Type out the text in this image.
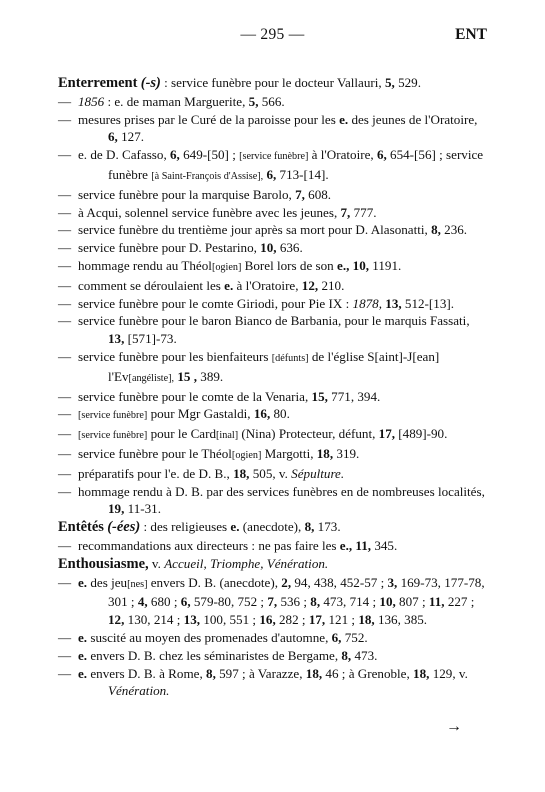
— 295 —	ENT
Enterrement (-s) : service funèbre pour le docteur Vallauri, 5, 529.
— 1856 : e. de maman Marguerite, 5, 566.
— mesures prises par le Curé de la paroisse pour les e. des jeunes de l'Oratoire, 6, 127.
— e. de D. Cafasso, 6, 649-[50] ; [service funèbre] à l'Oratoire, 6, 654-[56] ; service funèbre [à Saint-François d'Assise], 6, 713-[14].
— service funèbre pour la marquise Barolo, 7, 608.
— à Acqui, solennel service funèbre avec les jeunes, 7, 777.
— service funèbre du trentième jour après sa mort pour D. Alasonatti, 8, 236.
— service funèbre pour D. Pestarino, 10, 636.
— hommage rendu au Théol[ogien] Borel lors de son e., 10, 1191.
— comment se déroulaient les e. à l'Oratoire, 12, 210.
— service funèbre pour le comte Giriodi, pour Pie IX : 1878, 13, 512-[13].
— service funèbre pour le baron Bianco de Barbania, pour le marquis Fassati, 13, [571]-73.
— service funèbre pour les bienfaiteurs [défunts] de l'église S[aint]-J[ean] l'Ev[angéliste], 15 , 389.
— service funèbre pour le comte de la Venaria, 15, 771, 394.
— [service funèbre] pour Mgr Gastaldi, 16, 80.
— [service funèbre] pour le Card[inal] (Nina) Protecteur, défunt, 17, [489]-90.
— service funèbre pour le Théol[ogien] Margotti, 18, 319.
— préparatifs pour l'e. de D. B., 18, 505, v. Sépulture.
— hommage rendu à D. B. par des services funèbres en de nombreuses localités, 19, 11-31.
Entêtés (-ées) : des religieuses e. (anecdote), 8, 173.
— recommandations aux directeurs : ne pas faire les e., 11, 345.
Enthousiasme, v. Accueil, Triomphe, Vénération.
— e. des jeu[nes] envers D. B. (anecdote), 2, 94, 438, 452-57 ; 3, 169-73, 177-78, 301 ; 4, 680 ; 6, 579-80, 752 ; 7, 536 ; 8, 473, 714 ; 10, 807 ; 11, 227 ; 12, 130, 214 ; 13, 100, 551 ; 16, 282 ; 17, 121 ; 18, 136, 385.
— e. suscité au moyen des promenades d'automne, 6, 752.
— e. envers D. B. chez les séminaristes de Bergame, 8, 473.
— e. envers D. B. à Rome, 8, 597 ; à Varazze, 18, 46 ; à Grenoble, 18, 129, v. Vénération.
→
